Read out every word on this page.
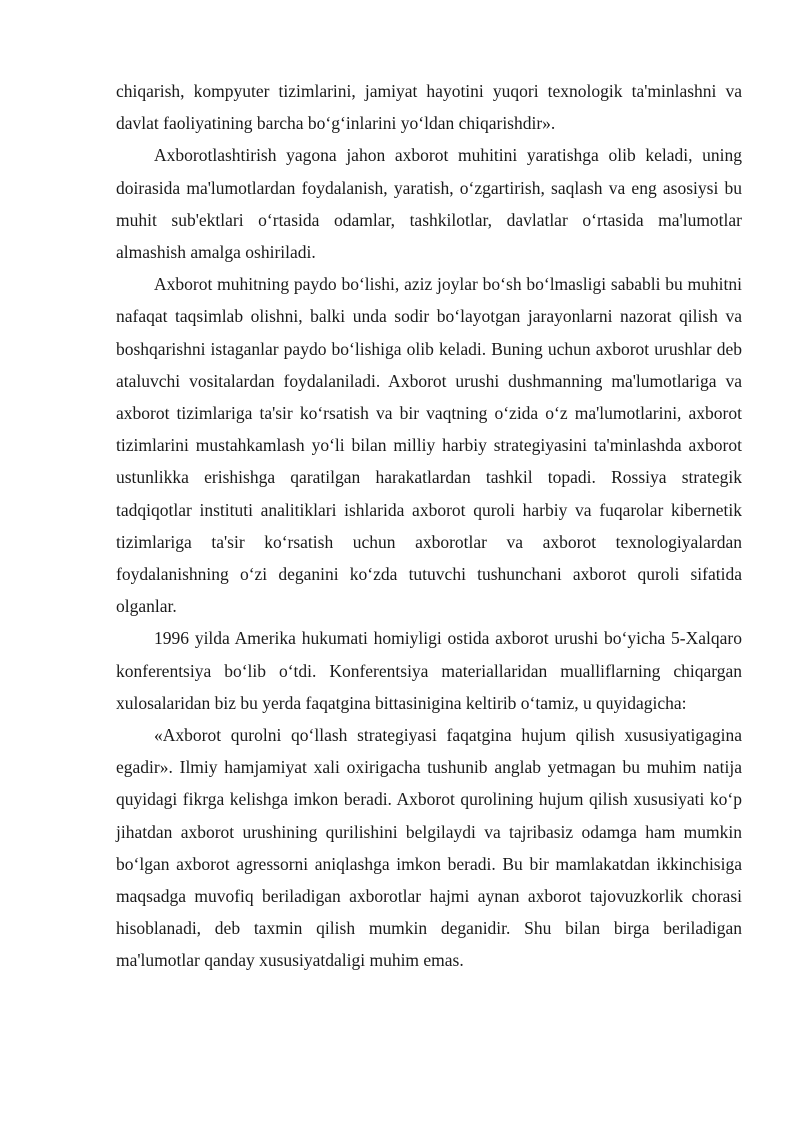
chiqarish, kompyuter tizimlarini, jamiyat hayotini yuqori texnologik ta'minlashni va davlat faoliyatining barcha bo‘g‘inlarini yo‘ldan chiqarishdir».

Axborotlashtirish yagona jahon axborot muhitini yaratishga olib keladi, uning doirasida ma'lumotlardan foydalanish, yaratish, o‘zgartirish, saqlash va eng asosiysi bu muhit sub'ektlari o‘rtasida odamlar, tashkilotlar, davlatlar o‘rtasida ma'lumotlar almashish amalga oshiriladi.

Axborot muhitning paydo bo‘lishi, aziz joylar bo‘sh bo‘lmasligi sababli bu muhitni nafaqat taqsimlab olishni, balki unda sodir bo‘layotgan jarayonlarni nazorat qilish va boshqarishni istaganlar paydo bo‘lishiga olib keladi. Buning uchun axborot urushlar deb ataluvchi vositalardan foydalaniladi. Axborot urushi dushmanning ma'lumotlariga va axborot tizimlariga ta'sir ko‘rsatish va bir vaqtning o‘zida o‘z ma'lumotlarini, axborot tizimlarini mustahkamlash yo‘li bilan milliy harbiy strategiyasini ta'minlashda axborot ustunlikka erishishga qaratilgan harakatlardan tashkil topadi. Rossiya strategik tadqiqotlar instituti analitiklari ishlarida axborot quroli harbiy va fuqarolar kibernetik tizimlariga ta'sir ko‘rsatish uchun axborotlar va axborot texnologiyalardan foydalanishning o‘zi deganini ko‘zda tutuvchi tushunchani axborot quroli sifatida olganlar.

1996 yilda Amerika hukumati homiyligi ostida axborot urushi bo‘yicha 5-Xalqaro konferentsiya bo‘lib o‘tdi. Konferentsiya materiallaridan mualliflarning chiqargan xulosalaridan biz bu yerda faqatgina bittasinigina keltirib o‘tamiz, u quyidagicha:

«Axborot qurolni qo‘llash strategiyasi faqatgina hujum qilish xususiyatigagina egadir». Ilmiy hamjamiyat xali oxirigacha tushunib anglab yetmagan bu muhim natija quyidagi fikrga kelishga imkon beradi. Axborot qurolining hujum qilish xususiyati ko‘p jihatdan axborot urushining qurilishini belgilaydi va tajribasiz odamga ham mumkin bo‘lgan axborot agressorni aniqlashga imkon beradi. Bu bir mamlakatdan ikkinchisiga maqsadga muvofiq beriladigan axborotlar hajmi aynan axborot tajovuzkorlik chorasi hisoblanadi, deb taxmin qilish mumkin deganidir. Shu bilan birga beriladigan ma'lumotlar qanday xususiyatdaligi muhim emas.
